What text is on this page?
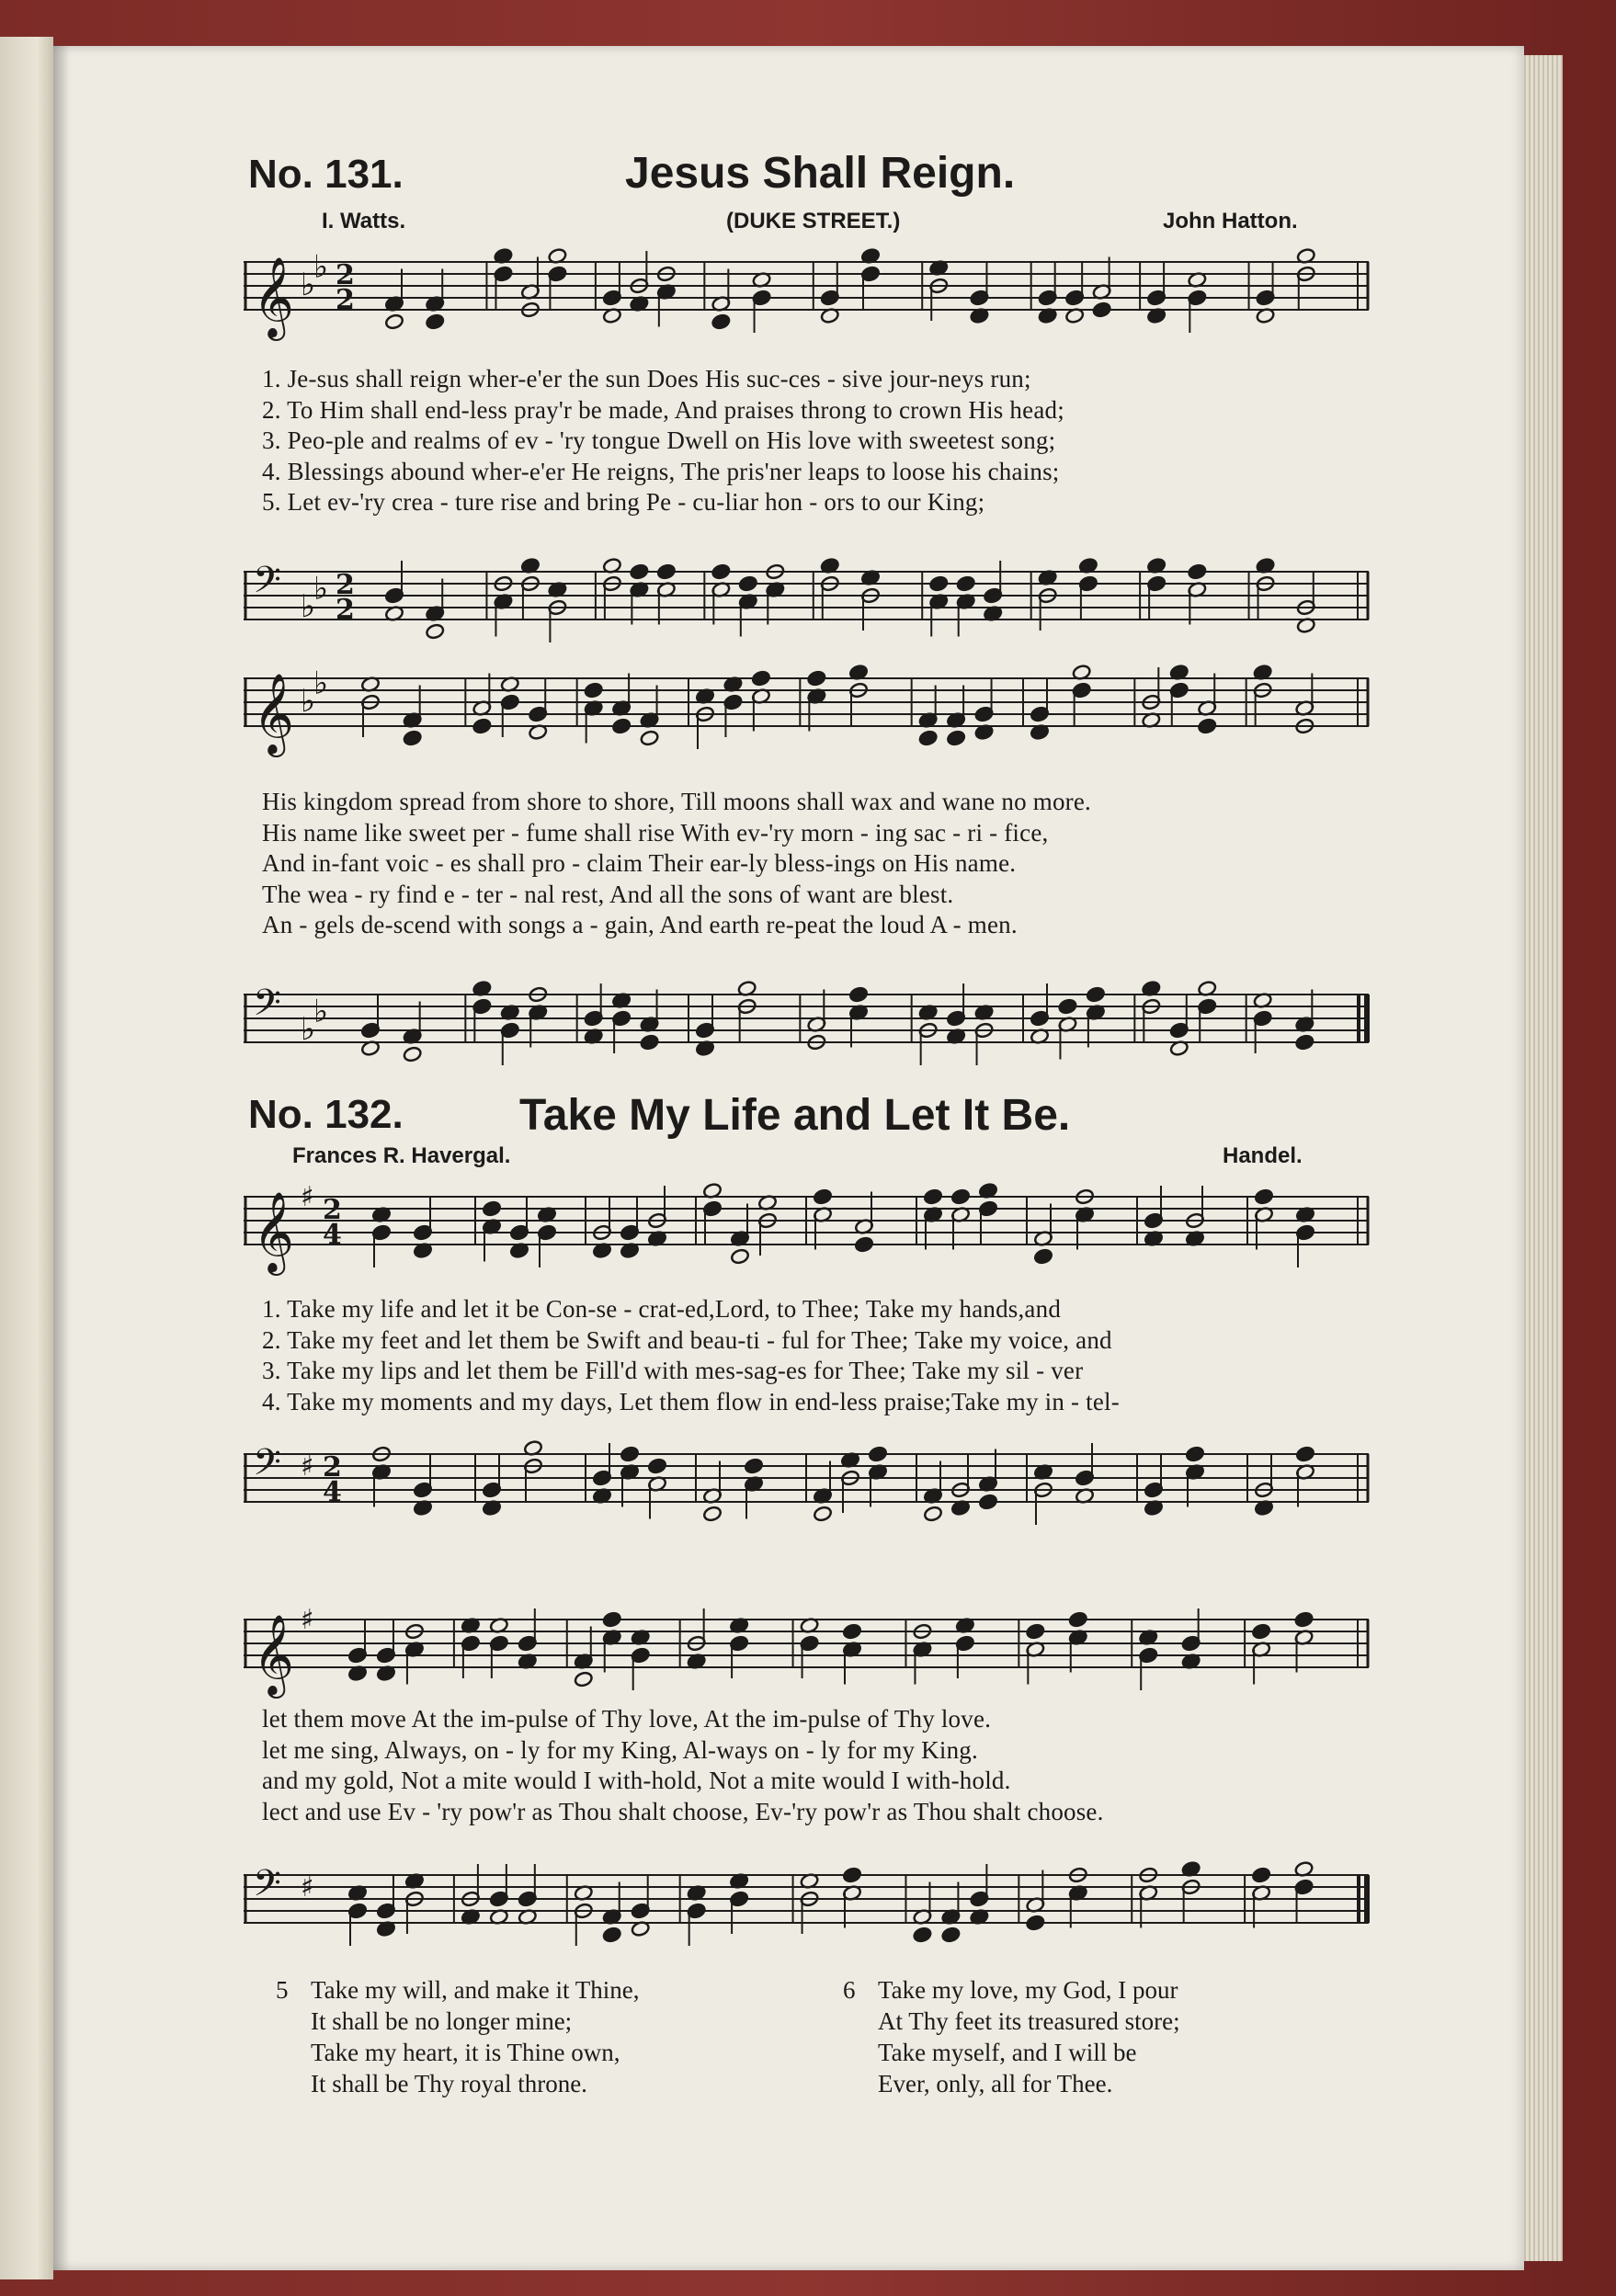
No. 131.	Jesus Shall Reign.
I. Watts.	(DUKE STREET.)	John Hatton.
𝄞 ♭
♭ 2
2
𝄢 ♭
♭ 2
2
1. Je-sus shall reign wher-e'er the sun Does His suc-ces - sive jour-neys run;
2. To Him shall end-less pray'r be made, And praises throng to crown His head;
3. Peo-ple and realms of ev - 'ry tongue Dwell on His love with sweetest song;
4. Blessings abound wher-e'er He reigns, The pris'ner leaps to loose his chains;
5. Let ev-'ry crea - ture rise and bring Pe - cu-liar hon - ors to our King;
𝄞 ♭
♭
𝄢 ♭
♭
His kingdom spread from shore to shore, Till moons shall wax and wane no more.
His name like sweet per - fume shall rise With ev-'ry morn - ing sac - ri - fice,
And in-fant voic - es shall pro - claim Their ear-ly bless-ings on His name.
The wea - ry find e - ter - nal rest, And all the sons of want are blest.
An - gels de-scend with songs a - gain, And earth re-peat the loud A - men.
No. 132.	Take My Life and Let It Be.
Frances R. Havergal.	Handel.
𝄞 ♯ 2
4
𝄢 ♯ 2
4
1. Take my life and let it be Con-se - crat-ed,Lord, to Thee; Take my hands,and
2. Take my feet and let them be Swift and beau-ti - ful for Thee; Take my voice, and
3. Take my lips and let them be Fill'd with mes-sag-es for Thee; Take my sil - ver
4. Take my moments and my days, Let them flow in end-less praise;Take my in - tel-
𝄞 ♯
𝄢 ♯
let them move At the im-pulse of Thy love, At the im-pulse of Thy love.
let me sing, Always, on - ly for my King, Al-ways on - ly for my King.
and my gold, Not a mite would I with-hold, Not a mite would I with-hold.
lect and use Ev - 'ry pow'r as Thou shalt choose, Ev-'ry pow'r as Thou shalt choose.
5 Take my will, and make it Thine,
It shall be no longer mine;
Take my heart, it is Thine own,
It shall be Thy royal throne.
6 Take my love, my God, I pour
At Thy feet its treasured store;
Take myself, and I will be
Ever, only, all for Thee.
